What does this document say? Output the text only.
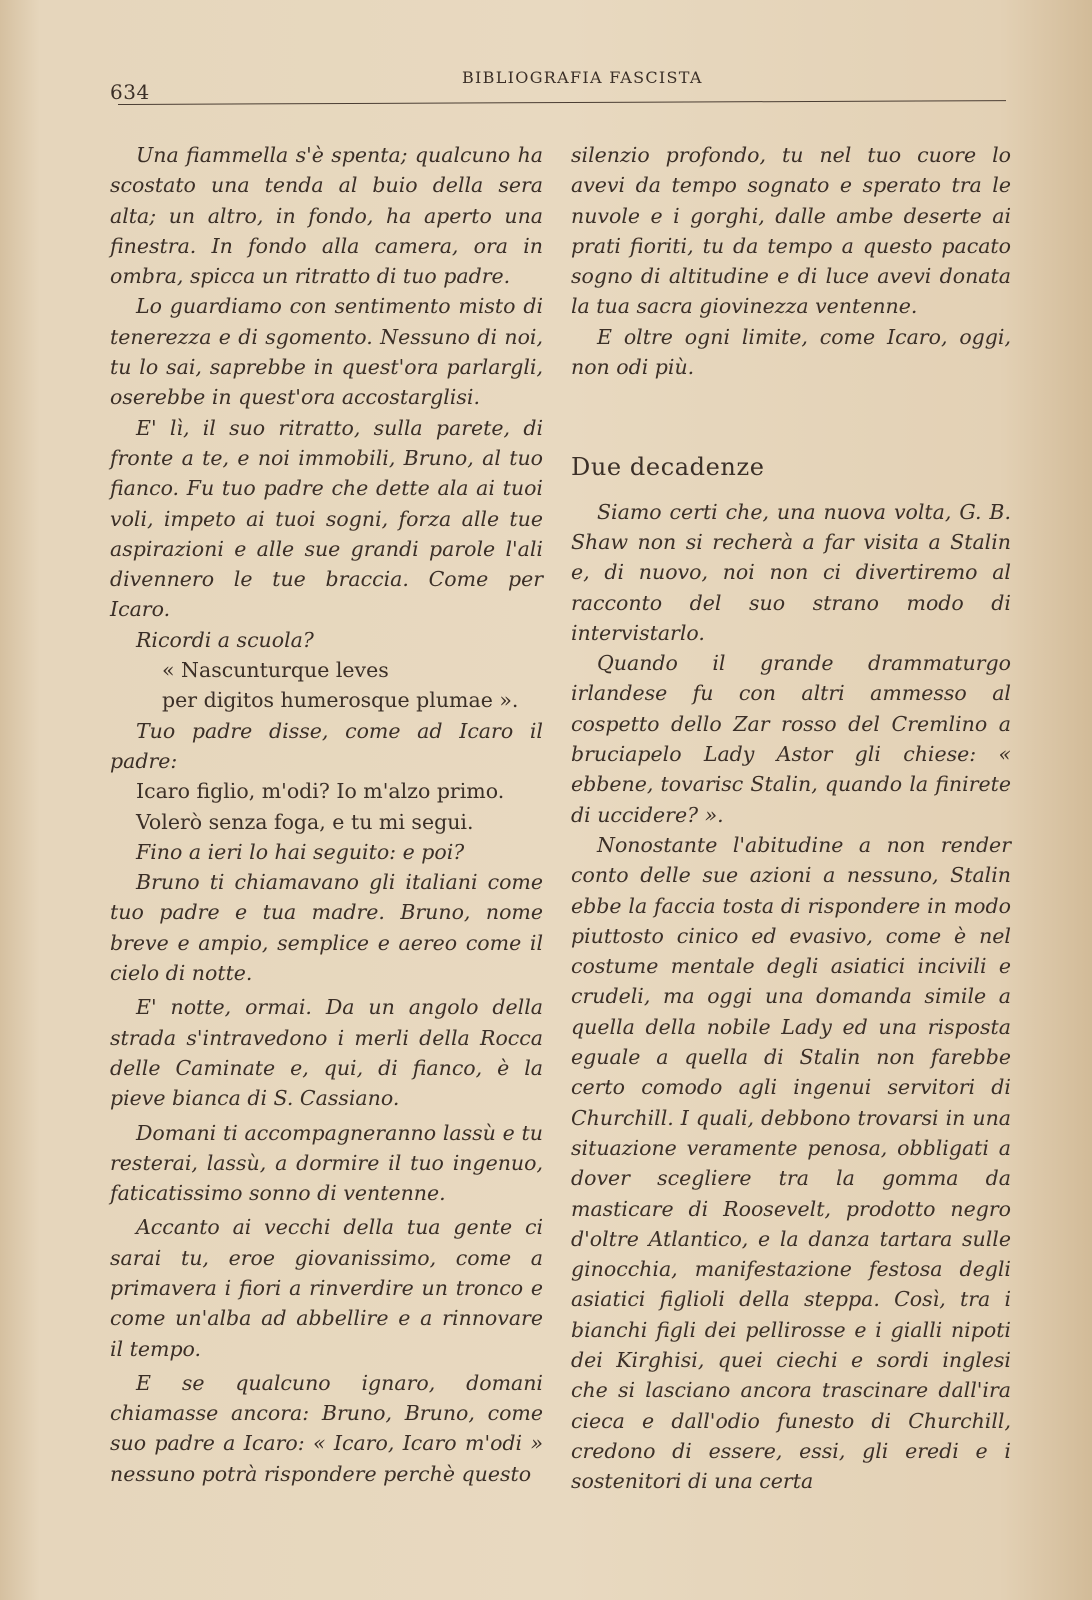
634
BIBLIOGRAFIA FASCISTA

Una fiammella s'è spenta; qualcuno ha scostato una tenda al buio della sera alta; un altro, in fondo, ha aperto una finestra. In fondo alla camera, ora in ombra, spicca un ritratto di tuo padre.

Lo guardiamo con sentimento misto di tenerezza e di sgomento. Nessuno di noi, tu lo sai, saprebbe in quest'ora parlargli, oserebbe in quest'ora accostarglisi.

E' lì, il suo ritratto, sulla parete, di fronte a te, e noi immobili, Bruno, al tuo fianco. Fu tuo padre che dette ala ai tuoi voli, impeto ai tuoi sogni, forza alle tue aspirazioni e alle sue grandi parole l'ali divennero le tue braccia. Come per Icaro.

Ricordi a scuola?

« Nascunturque leves

per digitos humerosque plumae ».

Tuo padre disse, come ad Icaro il padre:

Icaro figlio, m'odi? Io m'alzo primo.

Volerò senza foga, e tu mi segui.

Fino a ieri lo hai seguito: e poi?

Bruno ti chiamavano gli italiani come tuo padre e tua madre. Bruno, nome breve e ampio, semplice e aereo come il cielo di notte.

E' notte, ormai. Da un angolo della strada s'intravedono i merli della Rocca delle Caminate e, qui, di fianco, è la pieve bianca di S. Cassiano.

Domani ti accompagneranno lassù e tu resterai, lassù, a dormire il tuo ingenuo, faticatissimo sonno di ventenne.

Accanto ai vecchi della tua gente ci sarai tu, eroe giovanissimo, come a primavera i fiori a rinverdire un tronco e come un'alba ad abbellire e a rinnovare il tempo.

E se qualcuno ignaro, domani chiamasse ancora: Bruno, Bruno, come suo padre a Icaro: « Icaro, Icaro m'odi » nessuno potrà rispondere perchè questo

silenzio profondo, tu nel tuo cuore lo avevi da tempo sognato e sperato tra le nuvole e i gorghi, dalle ambe deserte ai prati fioriti, tu da tempo a questo pacato sogno di altitudine e di luce avevi donata la tua sacra giovinezza ventenne.

E oltre ogni limite, come Icaro, oggi, non odi più.

Due decadenze

Siamo certi che, una nuova volta, G. B. Shaw non si recherà a far visita a Stalin e, di nuovo, noi non ci divertiremo al racconto del suo strano modo di intervistarlo.

Quando il grande drammaturgo irlandese fu con altri ammesso al cospetto dello Zar rosso del Cremlino a bruciapelo Lady Astor gli chiese: « ebbene, tovarisc Stalin, quando la finirete di uccidere? ».

Nonostante l'abitudine a non render conto delle sue azioni a nessuno, Stalin ebbe la faccia tosta di rispondere in modo piuttosto cinico ed evasivo, come è nel costume mentale degli asiatici incivili e crudeli, ma oggi una domanda simile a quella della nobile Lady ed una risposta eguale a quella di Stalin non farebbe certo comodo agli ingenui servitori di Churchill. I quali, debbono trovarsi in una situazione veramente penosa, obbligati a dover scegliere tra la gomma da masticare di Roosevelt, prodotto negro d'oltre Atlantico, e la danza tartara sulle ginocchia, manifestazione festosa degli asiatici figlioli della steppa. Così, tra i bianchi figli dei pellirosse e i gialli nipoti dei Kirghisi, quei ciechi e sordi inglesi che si lasciano ancora trascinare dall'ira cieca e dall'odio funesto di Churchill, credono di essere, essi, gli eredi e i sostenitori di una certa
